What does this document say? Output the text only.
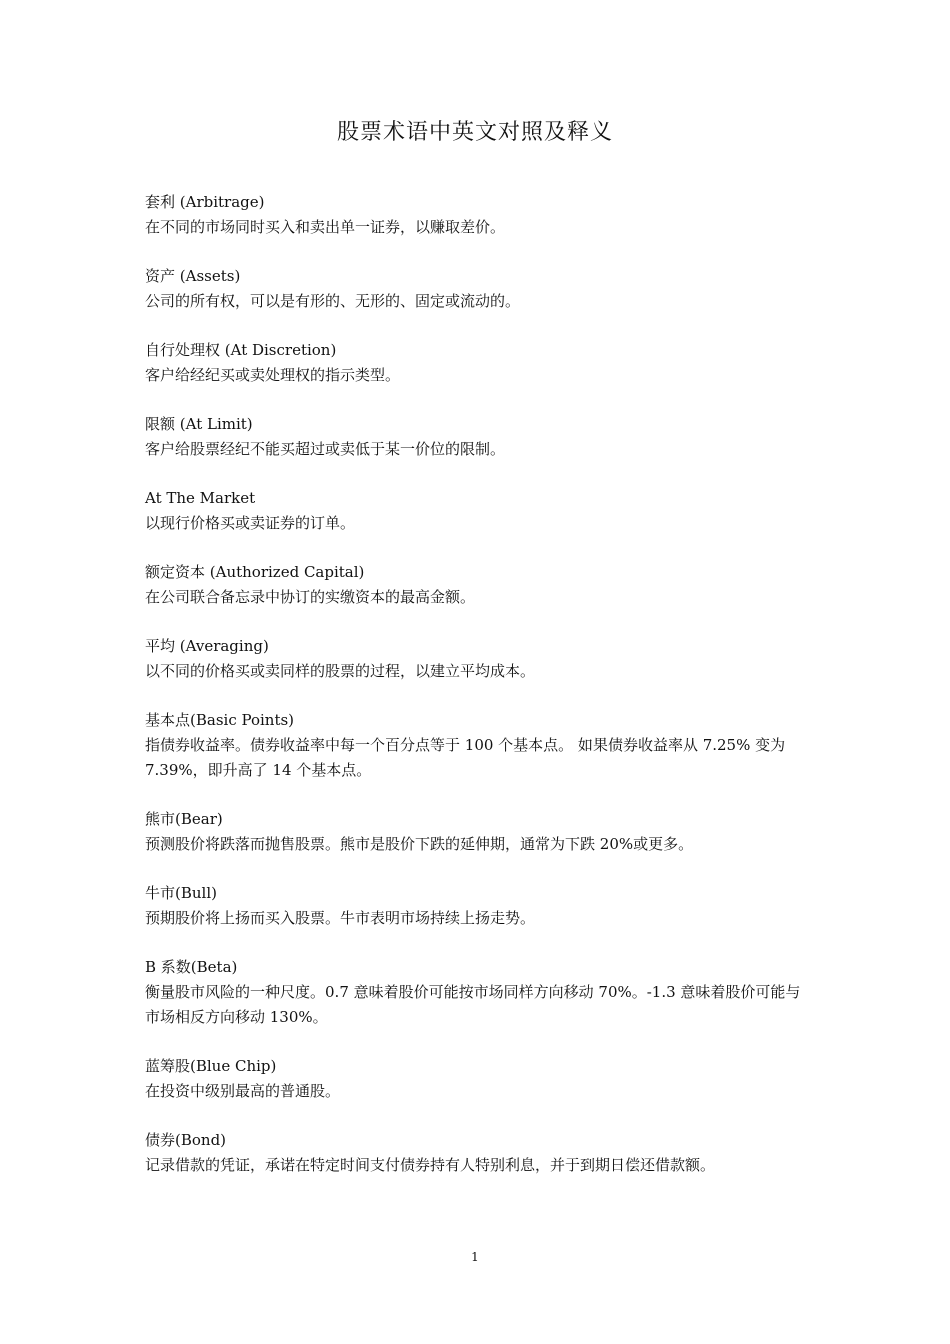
股票术语中英文对照及释义
套利 (Arbitrage)
在不同的市场同时买入和卖出单一证券，以赚取差价。
资产 (Assets)
公司的所有权，可以是有形的、无形的、固定或流动的。
自行处理权 (At Discretion)
客户给经纪买或卖处理权的指示类型。
限额 (At Limit)
客户给股票经纪不能买超过或卖低于某一价位的限制。
At The Market
以现行价格买或卖证券的订单。
额定资本 (Authorized Capital)
在公司联合备忘录中协订的实缴资本的最高金额。
平均 (Averaging)
以不同的价格买或卖同样的股票的过程，以建立平均成本。
基本点(Basic Points)
指债券收益率。债券收益率中每一个百分点等于 100 个基本点。 如果债券收益率从 7.25% 变为 7.39%，即升高了 14 个基本点。
熊市(Bear)
预测股价将跌落而抛售股票。熊市是股价下跌的延伸期，通常为下跌 20%或更多。
牛市(Bull)
预期股价将上扬而买入股票。牛市表明市场持续上扬走势。
B 系数(Beta)
衡量股市风险的一种尺度。0.7 意味着股价可能按市场同样方向移动 70%。-1.3 意味着股价可能与市场相反方向移动 130%。
蓝筹股(Blue Chip)
在投资中级别最高的普通股。
债券(Bond)
记录借款的凭证，承诺在特定时间支付债券持有人特别利息，并于到期日偿还借款额。
1
